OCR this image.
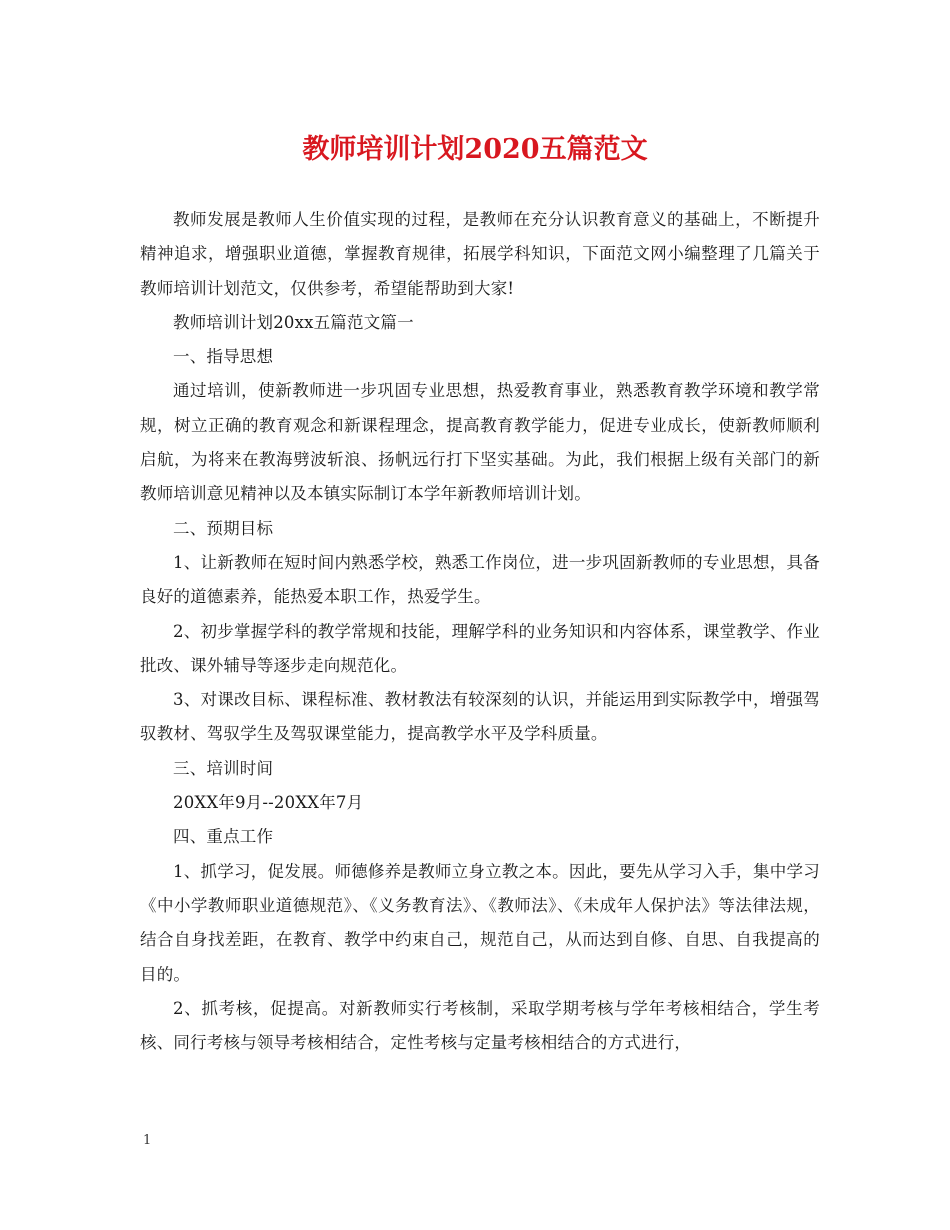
教师培训计划2020五篇范文

教师发展是教师人生价值实现的过程，是教师在充分认识教育意义的基础上，不断提升精神追求，增强职业道德，掌握教育规律，拓展学科知识，下面范文网小编整理了几篇关于教师培训计划范文，仅供参考，希望能帮助到大家!

教师培训计划20xx五篇范文篇一

一、指导思想

通过培训，使新教师进一步巩固专业思想，热爱教育事业，熟悉教育教学环境和教学常规，树立正确的教育观念和新课程理念，提高教育教学能力，促进专业成长，使新教师顺利启航，为将来在教海劈波斩浪、扬帆远行打下坚实基础。为此，我们根据上级有关部门的新教师培训意见精神以及本镇实际制订本学年新教师培训计划。

二、预期目标

1、让新教师在短时间内熟悉学校，熟悉工作岗位，进一步巩固新教师的专业思想，具备良好的道德素养，能热爱本职工作，热爱学生。

2、初步掌握学科的教学常规和技能，理解学科的业务知识和内容体系，课堂教学、作业批改、课外辅导等逐步走向规范化。

3、对课改目标、课程标准、教材教法有较深刻的认识，并能运用到实际教学中，增强驾驭教材、驾驭学生及驾驭课堂能力，提高教学水平及学科质量。

三、培训时间

20XX年9月--20XX年7月

四、重点工作

1、抓学习，促发展。师德修养是教师立身立教之本。因此，要先从学习入手，集中学习《中小学教师职业道德规范》、《义务教育法》、《教师法》、《未成年人保护法》等法律法规，结合自身找差距，在教育、教学中约束自己，规范自己，从而达到自修、自思、自我提高的目的。

2、抓考核，促提高。对新教师实行考核制，采取学期考核与学年考核相结合，学生考核、同行考核与领导考核相结合，定性考核与定量考核相结合的方式进行，

1
